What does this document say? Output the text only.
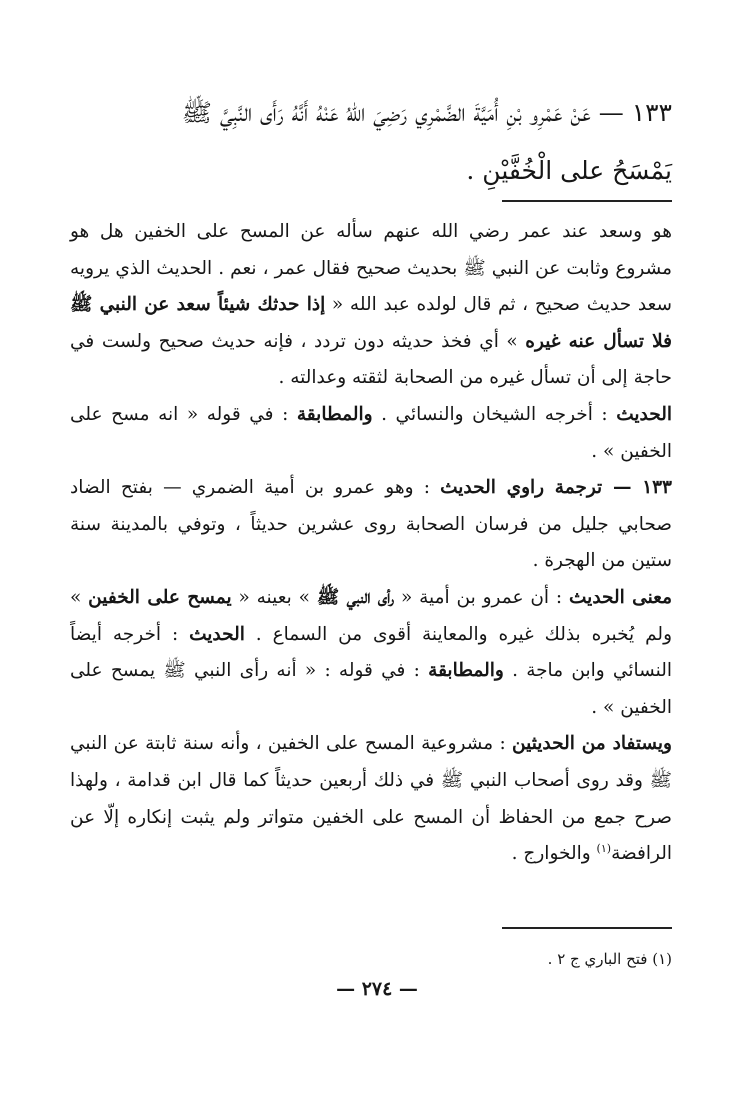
١٣٣ — عَنْ عَمْرِو بْنِ أُمَيَّةَ الضَّمْرِي رَضِيَ اللهُ عَنْهُ أَنَّهُ رَأَى النَّبِيَّ ﷺ
يَمْسَحُ على الْخُفَّيْنِ .

هو وسعد عند عمر رضي الله عنهم سأله عن المسح على الخفين هل هو مشروع وثابت عن النبي ﷺ بحديث صحيح فقال عمر ، نعم . الحديث الذي يرويه سعد حديث صحيح ، ثم قال لولده عبد الله « إذا حدثك شيئاً سعد عن النبي ﷺ فلا تسأل عنه غيره » أي فخذ حديثه دون تردد ، فإنه حديث صحيح ولست في حاجة إلى أن تسأل غيره من الصحابة لثقته وعدالته .

الحديث : أخرجه الشيخان والنسائي . والمطابقة : في قوله « انه مسح على الخفين » .

١٣٣ — ترجمة راوي الحديث : وهو عمرو بن أمية الضمري — بفتح الضاد صحابي جليل من فرسان الصحابة روى عشرين حديثاً ، وتوفي بالمدينة سنة ستين من الهجرة .

معنى الحديث : أن عمرو بن أمية « رأى النبي ﷺ » بعينه « يمسح على الخفين » ولم يُخبره بذلك غيره والمعاينة أقوى من السماع . الحديث : أخرجه أيضاً النسائي وابن ماجة . والمطابقة : في قوله : « أنه رأى النبي ﷺ يمسح على الخفين » .

ويستفاد من الحديثين : مشروعية المسح على الخفين ، وأنه سنة ثابتة عن النبي ﷺ وقد روى أصحاب النبي ﷺ في ذلك أربعين حديثاً كما قال ابن قدامة ، ولهذا صرح جمع من الحفاظ أن المسح على الخفين متواتر ولم يثبت إنكاره إلّا عن الرافضة$^{(١)}$ والخوارج .

(١) فتح الباري ج ٢ .
— ٢٧٤ —
